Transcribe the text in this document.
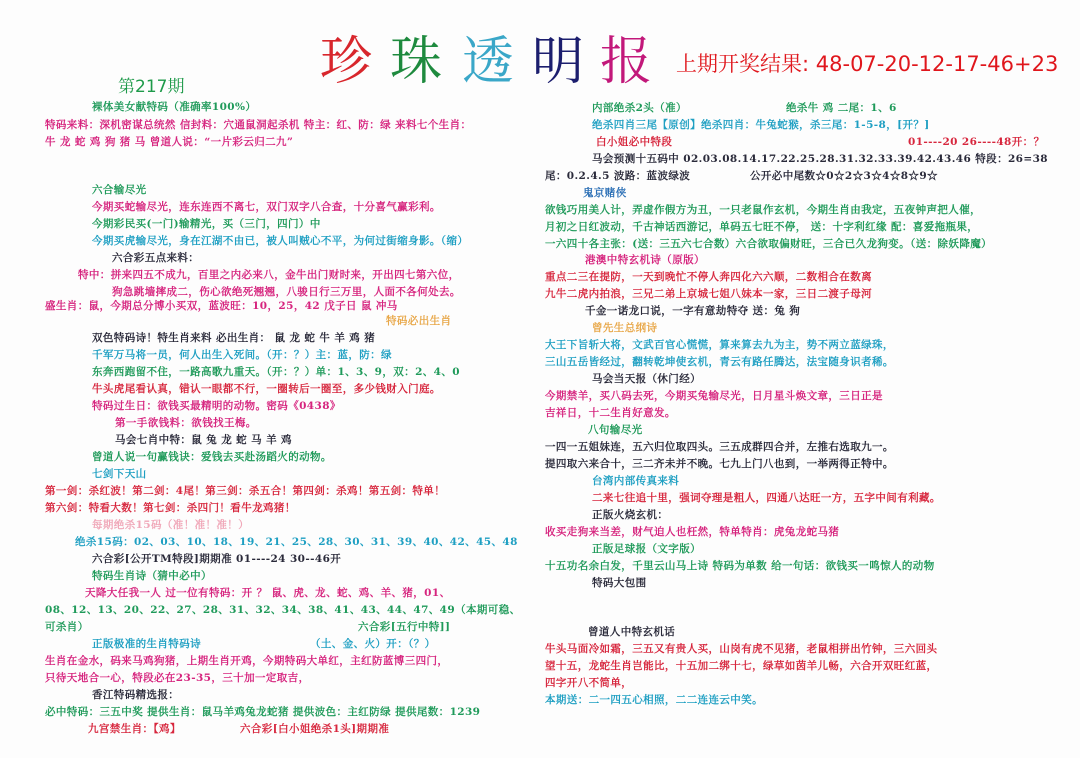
珍 珠 透 明 报 上期开奖结果: 48-07-20-12-17-46+23
第217期
裸体美女献特码（准确率100%）
特码来料：深机密谋总统然 信封料：穴通鼠洞起杀机 特主：红、防：绿 来料七个生肖：
牛 龙 蛇 鸡 狗 猪 马 曾道人说：“一片彩云归二九”
六合输尽光
今期买蛇输尽光，连东连西不离七，双门双字八合查，十分喜气赢彩利。
今期彩民买(一门)输精光，买（三门，四门）中
今期买虎输尽光，身在江湖不由已，被人叫贼心不平，为何过街缩身影。（缩）
六合彩五点来料：
特中：拼来四五不成九，百里之内必来八，金牛出门财时来，开出四七第六位，
狗急跳墙摔成二，伤心欲绝死翘翘，八骏日行三万里，人面不各何处去。
盛生肖：鼠，今期总分博小买双，蓝波旺：10，25，42 戊子日 鼠 冲马
特码必出生肖
双色特码诗！特生肖来料 必出生肖： 鼠 龙 蛇 牛 羊 鸡 猪
千军万马将一员，何人出生入死间。（开：？）主：蓝，防：绿
东奔西跑留不住，一路高歌九重天。（开：？）单：1、3、9，双：2、4、0
牛头虎尾看认真，错认一眼都不行，一圈转后一圈至，多少钱财入门庭。
特码过生日：欲钱买最精明的动物。密码《0438》
第一手欲钱料：欲钱找王梅。
马会七肖中特：鼠 兔 龙 蛇 马 羊 鸡
曾道人说一句赢钱诀：爱钱去买赴汤蹈火的动物。
七剑下天山
第一剑：杀红波！第二剑：4尾！第三剑：杀五合！第四剑：杀鸡！第五剑：特单！
第六剑：特看大数！第七剑：杀四门！看牛龙鸡猪！
每期绝杀15码（准！准！准！）
绝杀15码：02、03、10、18、19、21、25、28、30、31、39、40、42、45、48
六合彩[公开TM特段]期期准 01----24 30--46开
特码生肖诗（猜中必中）
天降大任我一人 过一位有特码：开 ？ 鼠、虎、龙、蛇、鸡、羊、猪，01、
08、12、13、20、22、27、28、31、32、34、38、41、43、44、47、49（本期可稳、
可杀肖）	六合彩[五行中特]]
正版极准的生肖特码诗	（土、金、火）开：（？）
生肖在金水，码来马鸡狗猪，上期生肖开鸡，今期特码大单红，主红防蓝博三四门，
只待天地合一心，特段必在23-35，三十加一定取吉，
香江特码精选报：
必中特码：三五中奖 提供生肖：鼠马羊鸡兔龙蛇猪 提供波色：主红防绿 提供尾数：1239
九宫禁生肖：【鸡】	六合彩[白小姐绝杀1头]期期准
内部绝杀2头（准）	绝杀牛 鸡 二尾：1、6
绝杀四肖三尾【原创】绝杀四肖：牛兔蛇猴，杀三尾：1-5-8，[开？]
白小姐必中特段	01----20 26----48开：？
马会预测十五码中 02.03.08.14.17.22.25.28.31.32.33.39.42.43.46 特段：26=38
尾：0.2.4.5 波路：蓝波绿波	公开必中尾数☆0☆2☆3☆4☆8☆9☆
鬼京赌侠
欲钱巧用美人计，弄虚作假方为丑，一只老鼠作玄机，今期生肖由我定，五夜钟声把人催，
月初之日红波动，千古神话西游记，单码五七旺不停， 送：十字利红缘 配：喜爱拖瓶果，
一六四十各主张：(送：三五六七合数）六合欲取偏财旺，三合已久龙狗变。（送：除妖降魔）
港澳中特玄机诗（原版）
重点二三在提防，一天到晚忙不停人奔四化六六顺，二数相合在数离
九牛二虎内拍浪，三兄二弟上京城七姐八妹本一家，三日二渡子母河
千金一诺龙口说，一字有意劫特夺 送：兔 狗
曾先生总纲诗
大王下旨斩大将，文武百官心慌慌，算来算去九为主，势不两立蓝绿珠，
三山五岳皆经过，翻转乾坤使玄机，青云有路任腾达，法宝随身识者稀。
马会当天报（休门经）
今期禁羊，买八码去死，今期买兔输尽光，日月星斗焕文章，三日正是
吉祥日，十二生肖好意发。
八句输尽光
一四一五姐妹连，五六归位取四头。三五成群四合并，左推右选取九一。
提四取六来合十，三二齐未并不晚。七九上门八也到，一举两得正特中。
台湾内部传真来料
二来七往追十里，强词夺理是粗人，四通八达旺一方，五字中间有利藏。
正版火烧玄机：
收买走狗来当差，财气迫人也枉然，特单特肖：虎兔龙蛇马猪
正版足球报（文字版）
十五功名余白发，千里云山马上诗 特码为单数 给一句话：欲钱买一鸣惊人的动物
特码大包围
曾道人中特玄机话
牛头马面冷如霜，三五又有贵人买，山岗有虎不见猪，老鼠相拼出竹钟，三六回头
望十五，龙蛇生肖岂能比，十五加二绑十七，绿草如茵羊儿畅，六合开双旺红蓝，
四字开八不简单，
本期送：二一四五心相照，二二连连云中笑。
